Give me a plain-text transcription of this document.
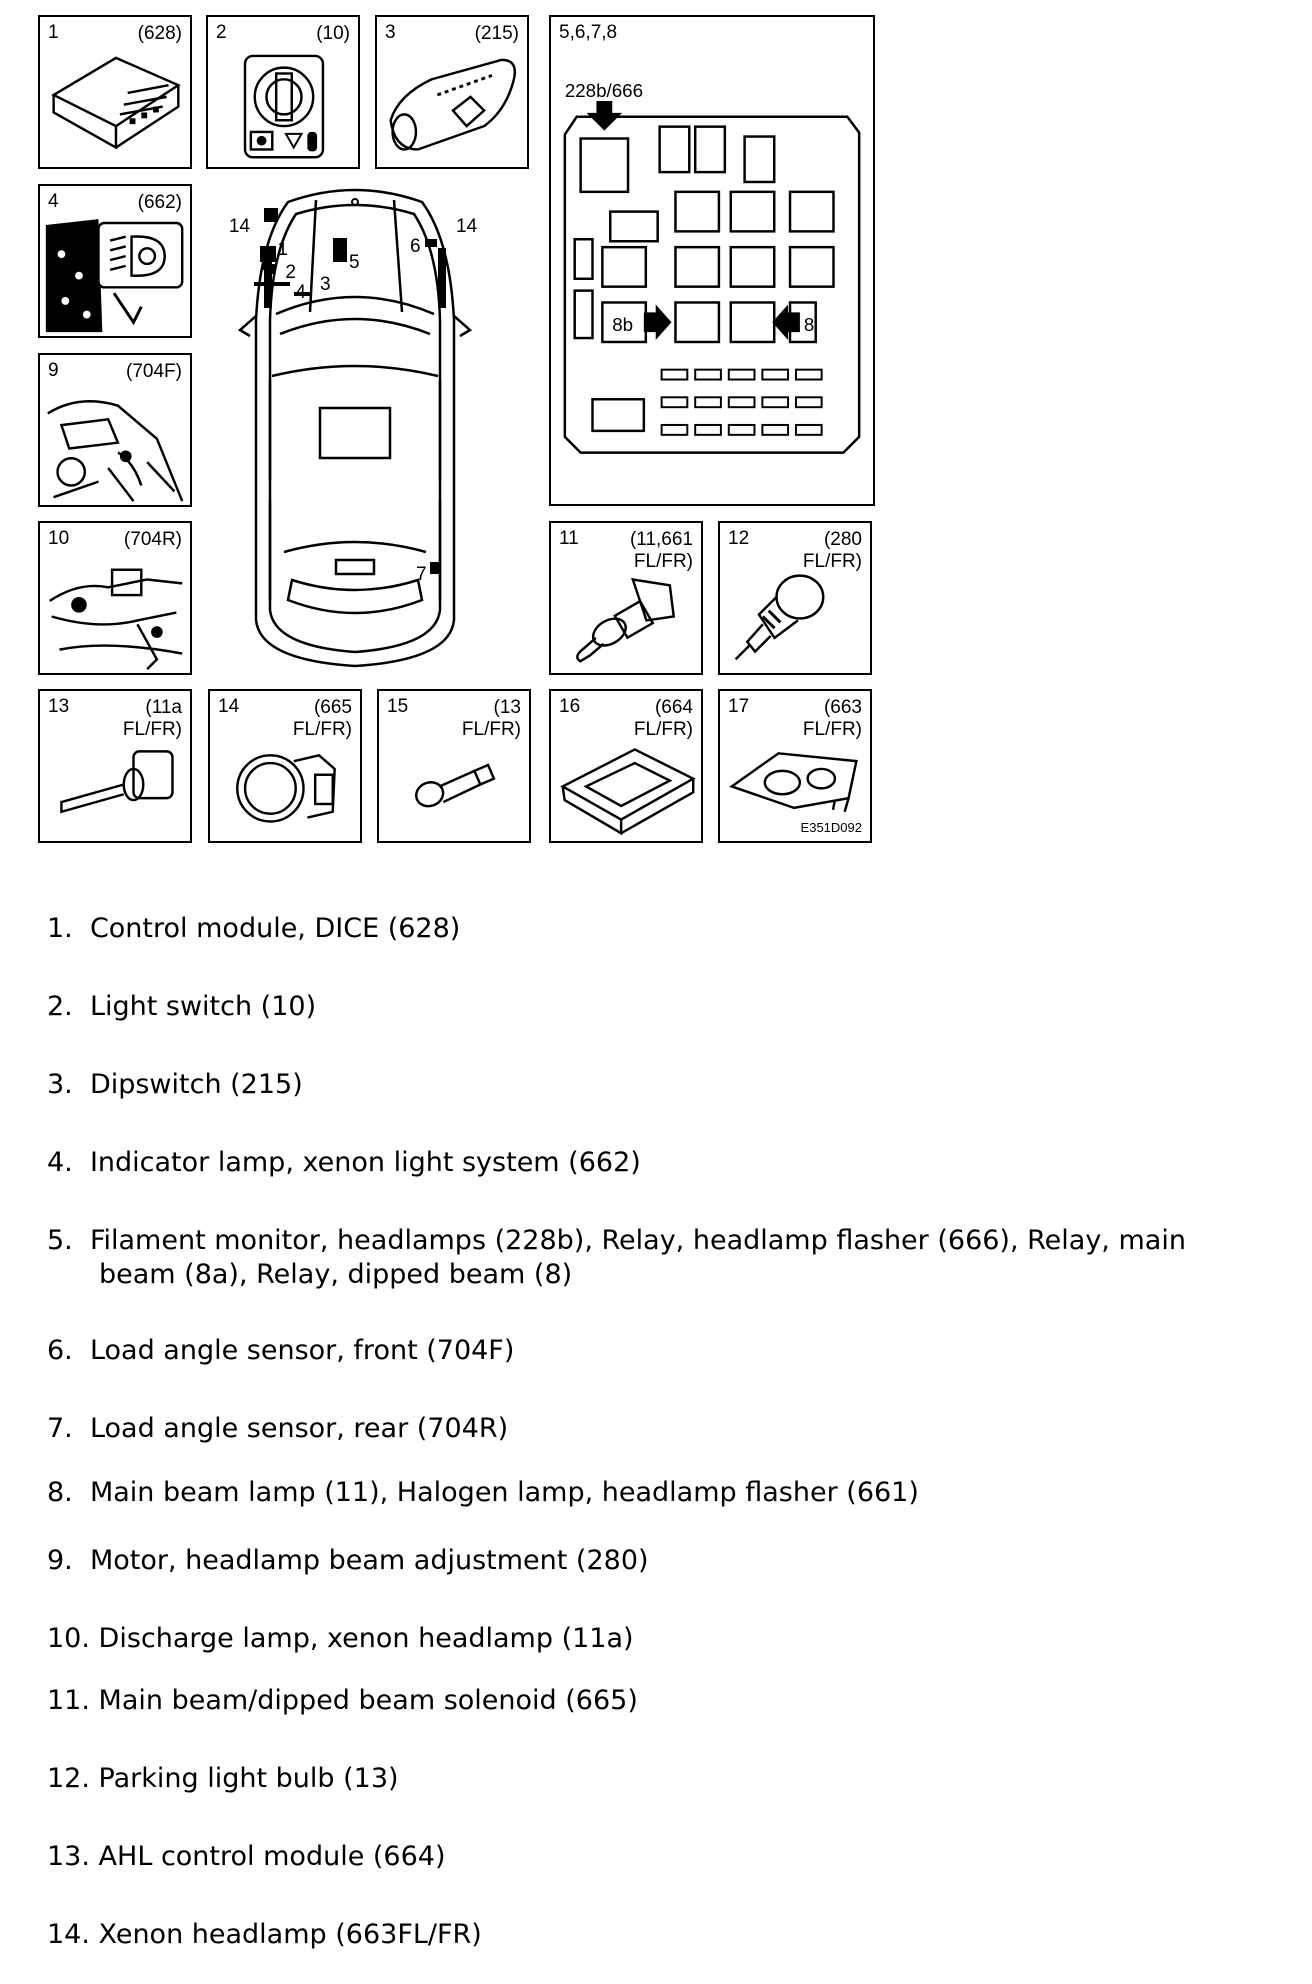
1	(628) 2	(10) 3	(215)
4	(662)
9	(704F)
10	(704R)
5
6
1
2
4 3
7
14	14
5,6,7,8
228b/666
8b	8
11	(11,661
FL/FR)
12	(280
FL/FR)
13	(11a
FL/FR)
14	(665
FL/FR)
15	(13
FL/FR)
16	(664
FL/FR)
17	(663
FL/FR)
E351D092
1. Control module, DICE (628)
2. Light switch (10)
3. Dipswitch (215)
4. Indicator lamp, xenon light system (662)
5. Filament monitor, headlamps (228b), Relay, headlamp flasher (666), Relay, main
beam (8a), Relay, dipped beam (8)
6. Load angle sensor, front (704F)
7. Load angle sensor, rear (704R)
8. Main beam lamp (11), Halogen lamp, headlamp flasher (661)
9. Motor, headlamp beam adjustment (280)
10. Discharge lamp, xenon headlamp (11a)
11. Main beam/dipped beam solenoid (665)
12. Parking light bulb (13)
13. AHL control module (664)
14. Xenon headlamp (663FL/FR)
